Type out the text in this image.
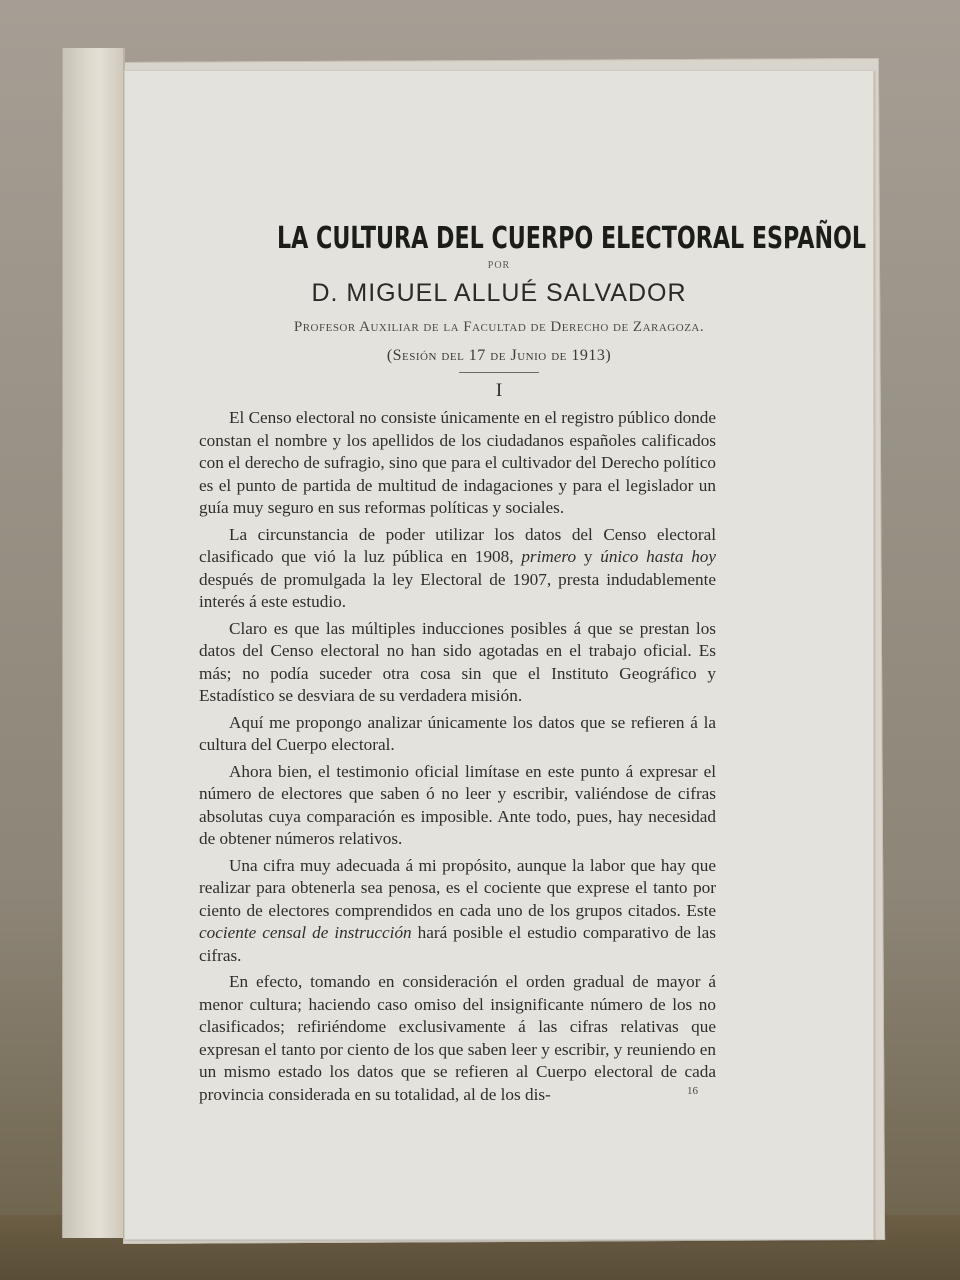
LA CULTURA DEL CUERPO ELECTORAL ESPAÑOL
POR
D. MIGUEL ALLUÉ SALVADOR
Profesor Auxiliar de la Facultad de Derecho de Zaragoza.
(Sesión del 17 de Junio de 1913)
I

El Censo electoral no consiste únicamente en el registro público donde constan el nombre y los apellidos de los ciudadanos españoles calificados con el derecho de sufragio, sino que para el cultivador del Derecho político es el punto de partida de multitud de indagaciones y para el legislador un guía muy seguro en sus reformas políticas y sociales.

La circunstancia de poder utilizar los datos del Censo electoral clasificado que vió la luz pública en 1908, primero y único hasta hoy después de promulgada la ley Electoral de 1907, presta indudablemente interés á este estudio.

Claro es que las múltiples inducciones posibles á que se prestan los datos del Censo electoral no han sido agotadas en el trabajo oficial. Es más; no podía suceder otra cosa sin que el Instituto Geográfico y Estadístico se desviara de su verdadera misión.

Aquí me propongo analizar únicamente los datos que se refieren á la cultura del Cuerpo electoral.

Ahora bien, el testimonio oficial limítase en este punto á expresar el número de electores que saben ó no leer y escribir, valiéndose de cifras absolutas cuya comparación es imposible. Ante todo, pues, hay necesidad de obtener números relativos.

Una cifra muy adecuada á mi propósito, aunque la labor que hay que realizar para obtenerla sea penosa, es el cociente que exprese el tanto por ciento de electores comprendidos en cada uno de los grupos citados. Este cociente censal de instrucción hará posible el estudio comparativo de las cifras.

En efecto, tomando en consideración el orden gradual de mayor á menor cultura; haciendo caso omiso del insignificante número de los no clasificados; refiriéndome exclusivamente á las cifras relativas que expresan el tanto por ciento de los que saben leer y escribir, y reuniendo en un mismo estado los datos que se refieren al Cuerpo electoral de cada provincia considerada en su totalidad, al de los dis-	16
